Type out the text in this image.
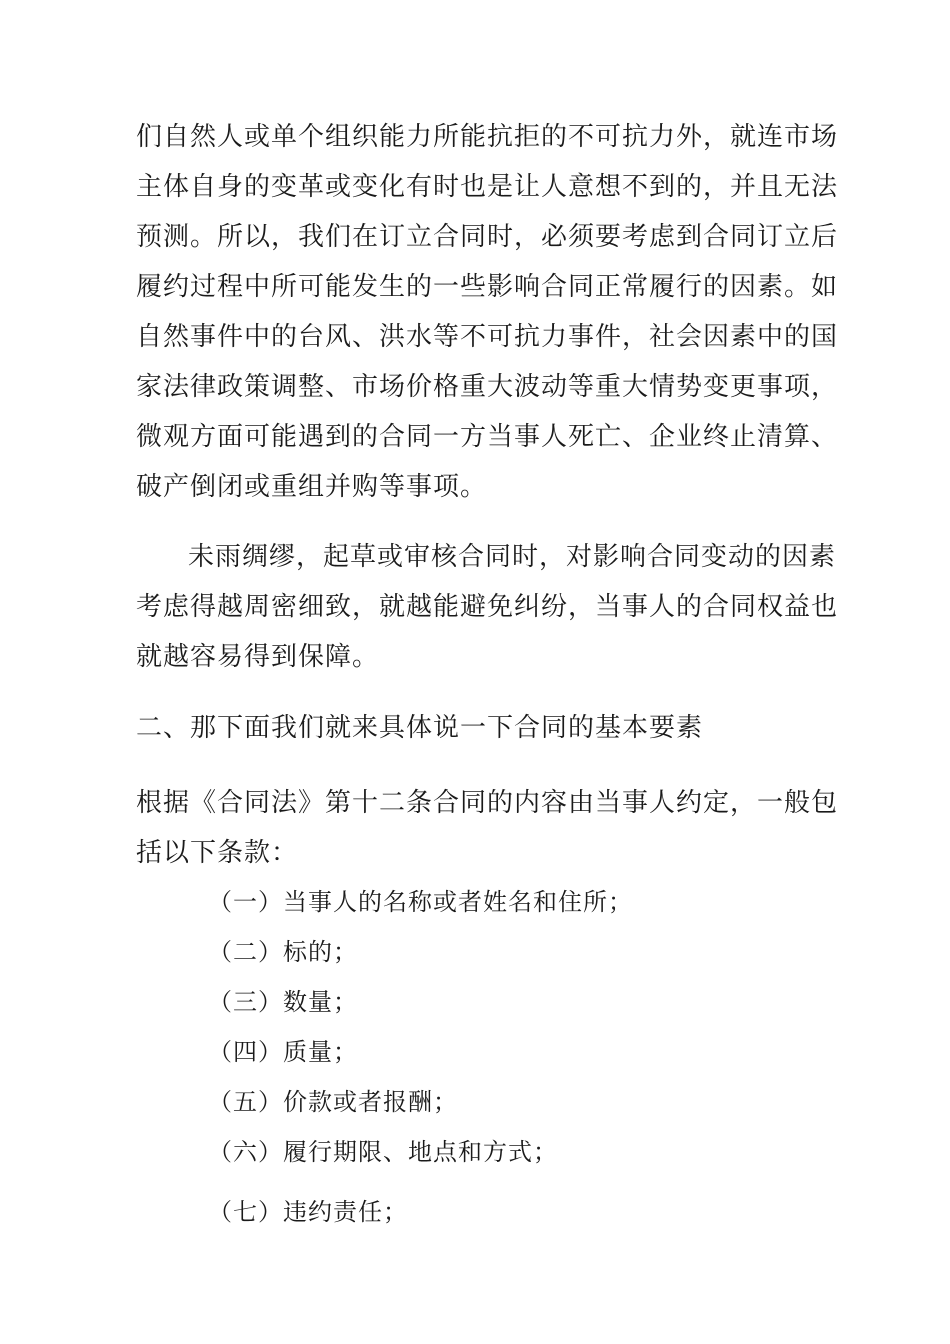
们自然人或单个组织能力所能抗拒的不可抗力外，就连市场
主体自身的变革或变化有时也是让人意想不到的，并且无法
预测。所以，我们在订立合同时，必须要考虑到合同订立后
履约过程中所可能发生的一些影响合同正常履行的因素。如
自然事件中的台风、洪水等不可抗力事件，社会因素中的国
家法律政策调整、市场价格重大波动等重大情势变更事项，
微观方面可能遇到的合同一方当事人死亡、企业终止清算、
破产倒闭或重组并购等事项。

未雨绸缪，起草或审核合同时，对影响合同变动的因素
考虑得越周密细致，就越能避免纠纷，当事人的合同权益也
就越容易得到保障。

二、那下面我们就来具体说一下合同的基本要素

根据《合同法》第十二条合同的内容由当事人约定，一般包
括以下条款：

（一）当事人的名称或者姓名和住所；
（二）标的；
（三）数量；
（四）质量；
（五）价款或者报酬；
（六）履行期限、地点和方式；
（七）违约责任；
